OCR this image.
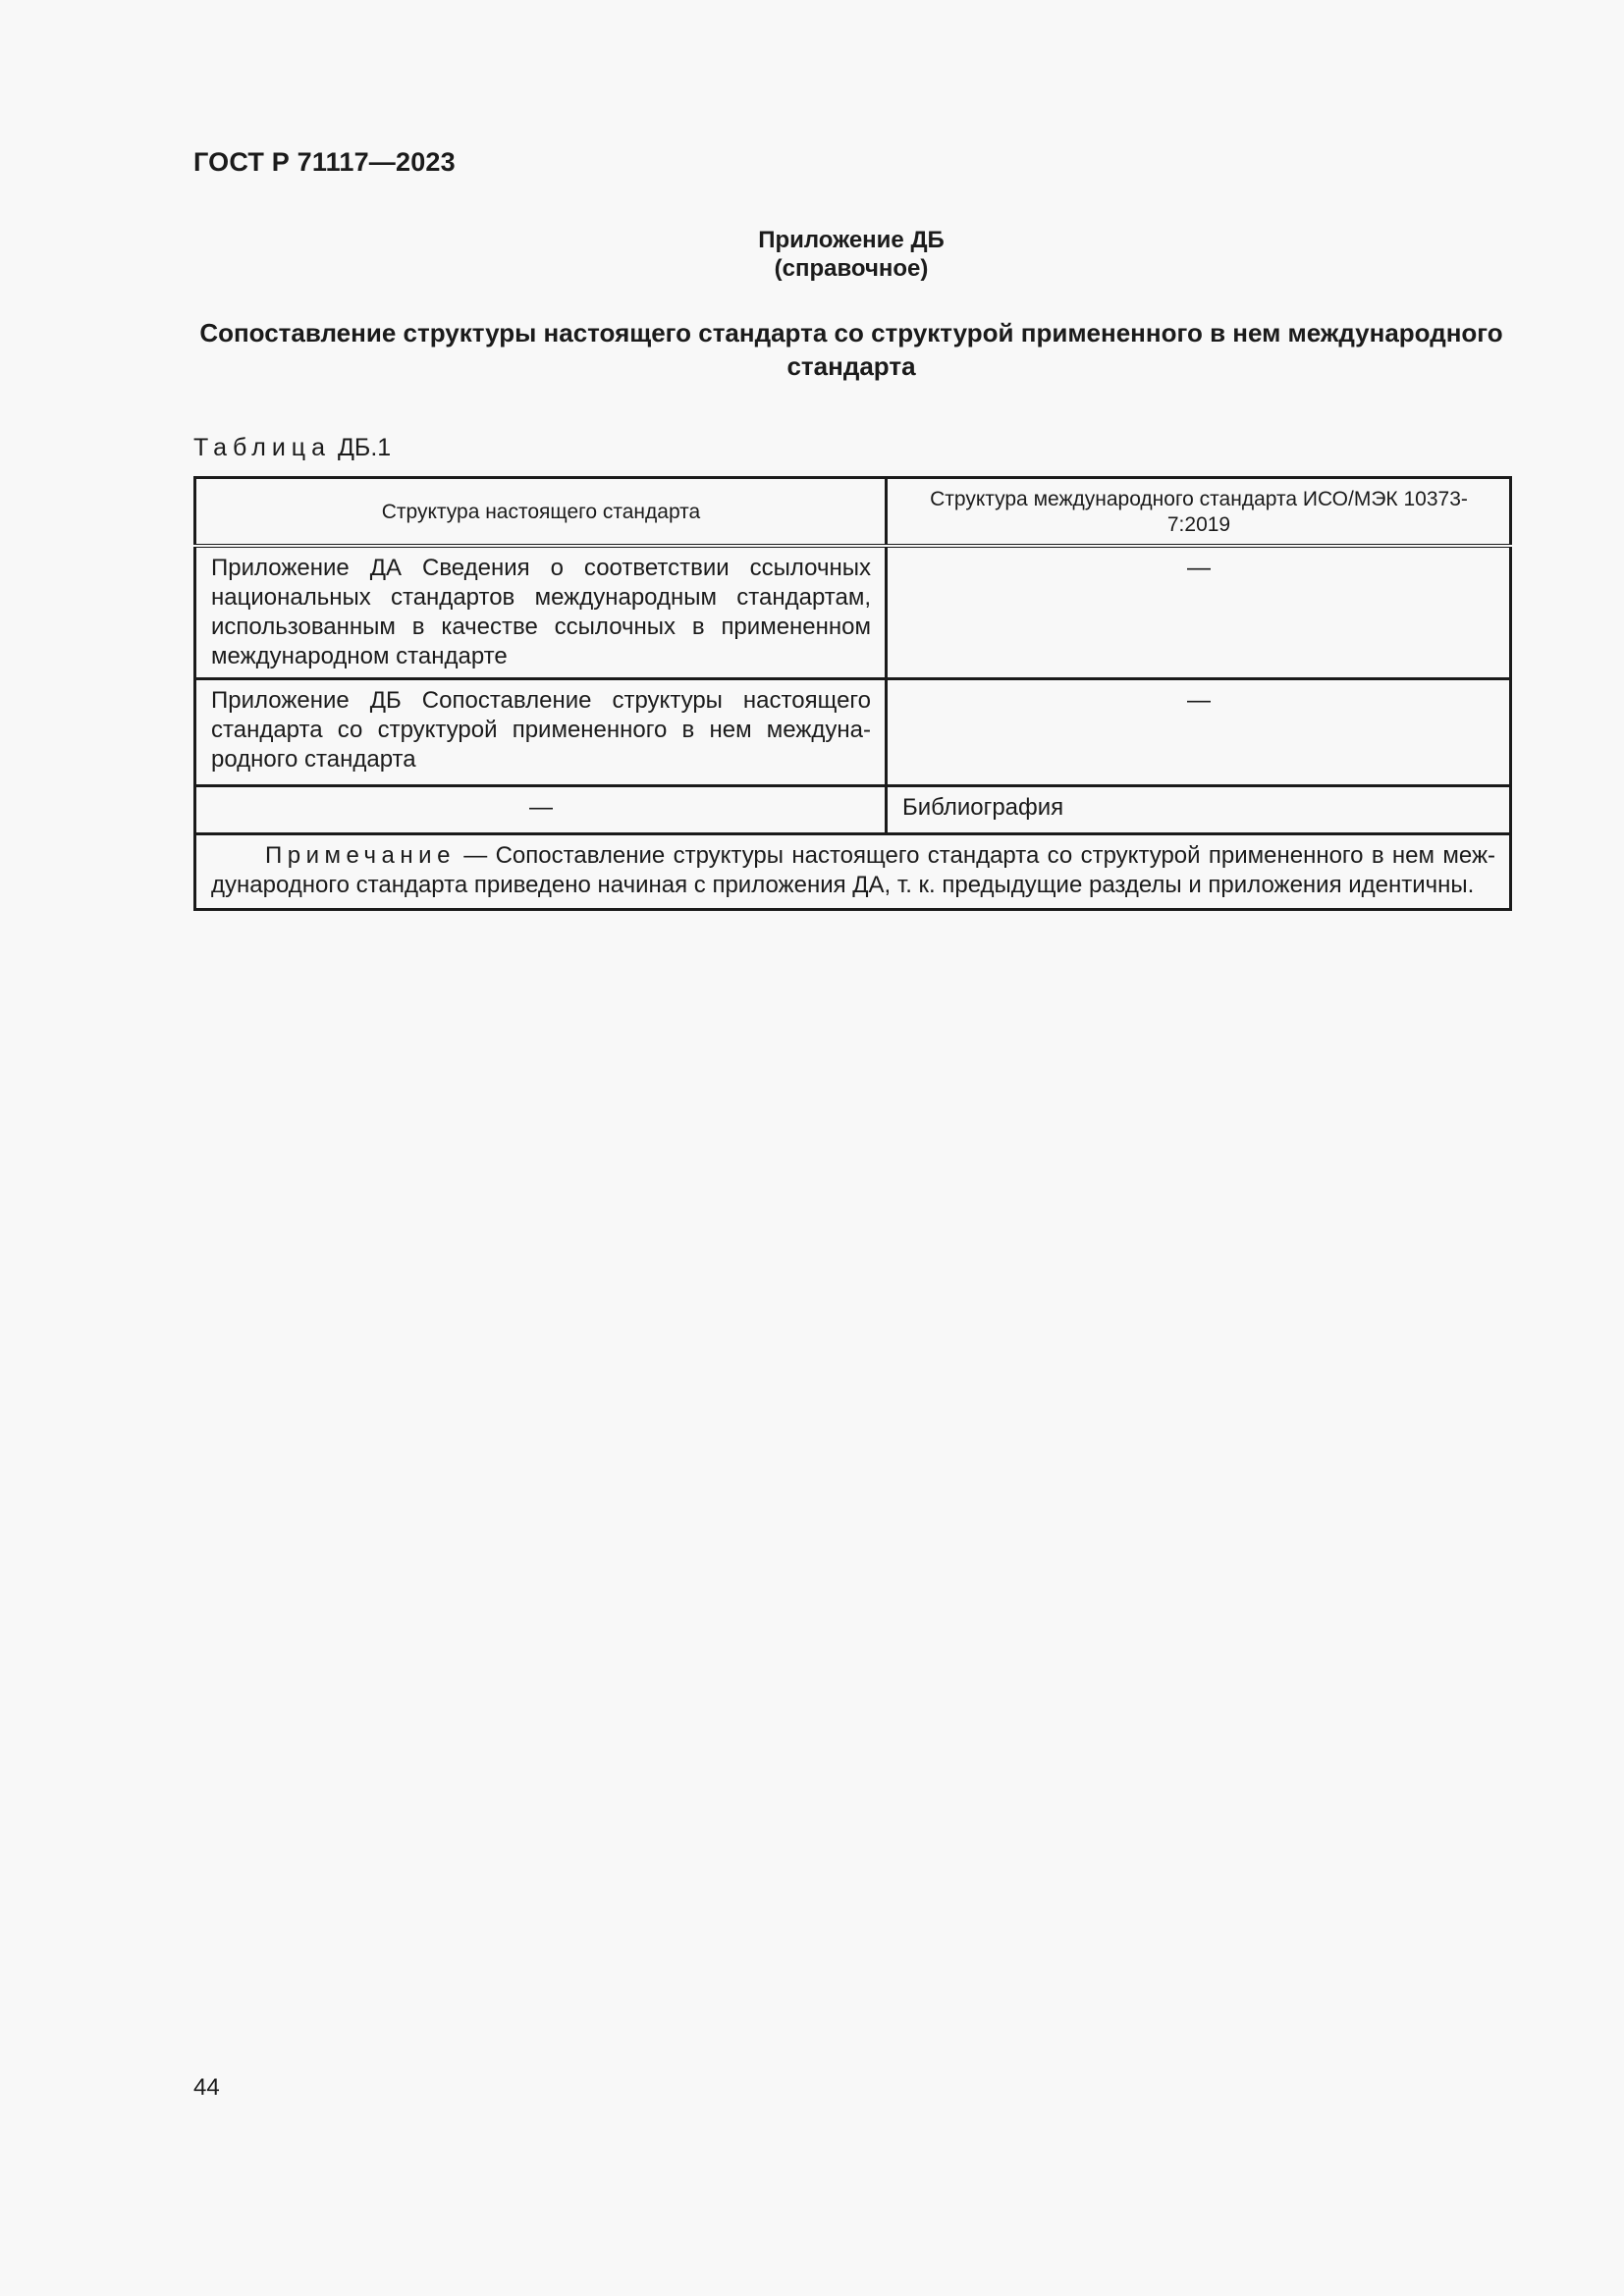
ГОСТ Р 71117—2023
Приложение ДБ
(справочное)
Сопоставление структуры настоящего стандарта со структурой примененного в нем международного стандарта
Таблица ДБ.1
Структура настоящего стандарта	Структура международного стандарта ИСО/МЭК 10373-7:2019

Приложение ДА Сведения о соответствии ссылочных национальных стандартов международным стандартам, использованным в качестве ссылочных в примененном международном стандарте	—

Приложение ДБ Сопоставление структуры настоящего стандарта со структурой примененного в нем международного стандарта	—

—	Библиография

Примечание — Сопоставление структуры настоящего стандарта со структурой примененного в нем международного стандарта приведено начиная с приложения ДА, т. к. предыдущие разделы и приложения идентичны.	
44
